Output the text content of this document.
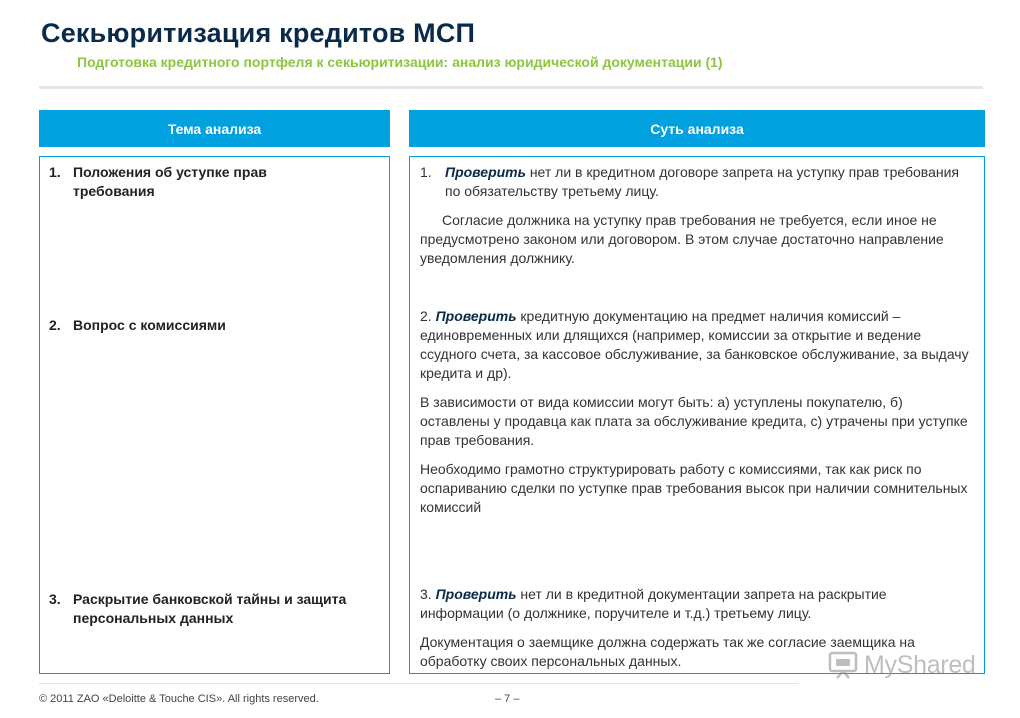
Секьюритизация кредитов МСП
Подготовка кредитного портфеля к секьюритизации: анализ юридической документации (1)
Тема анализа	Суть анализа
1. Положения об уступке прав требования
2. Вопрос с комиссиями
3. Раскрытие банковской тайны и защита персональных данных
1. Проверить нет ли в кредитном договоре запрета на уступку прав требования по обязательству третьему лицу.
Согласие должника на уступку прав требования не требуется, если иное не предусмотрено законом или договором. В этом случае достаточно направление уведомления должнику.
2. Проверить кредитную документацию на предмет наличия комиссий – единовременных или длящихся (например, комиссии за открытие и ведение ссудного счета, за кассовое обслуживание, за банковское обслуживание, за выдачу кредита и др).
В зависимости от вида комиссии могут быть: а) уступлены покупателю, б) оставлены у продавца как плата за обслуживание кредита, с) утрачены при уступке прав требования.
Необходимо грамотно структурировать работу с комиссиями, так как риск по оспариванию сделки по уступке прав требования высок при наличии сомнительных комиссий
3. Проверить нет ли в кредитной документации запрета на раскрытие информации (о должнике, поручителе и т.д.) третьему лицу.
Документация о заемщике должна содержать так же согласие заемщика на обработку своих персональных данных.
© 2011 ZAO «Deloitte & Touche CIS». All rights reserved.	– 7 –
MyShared
